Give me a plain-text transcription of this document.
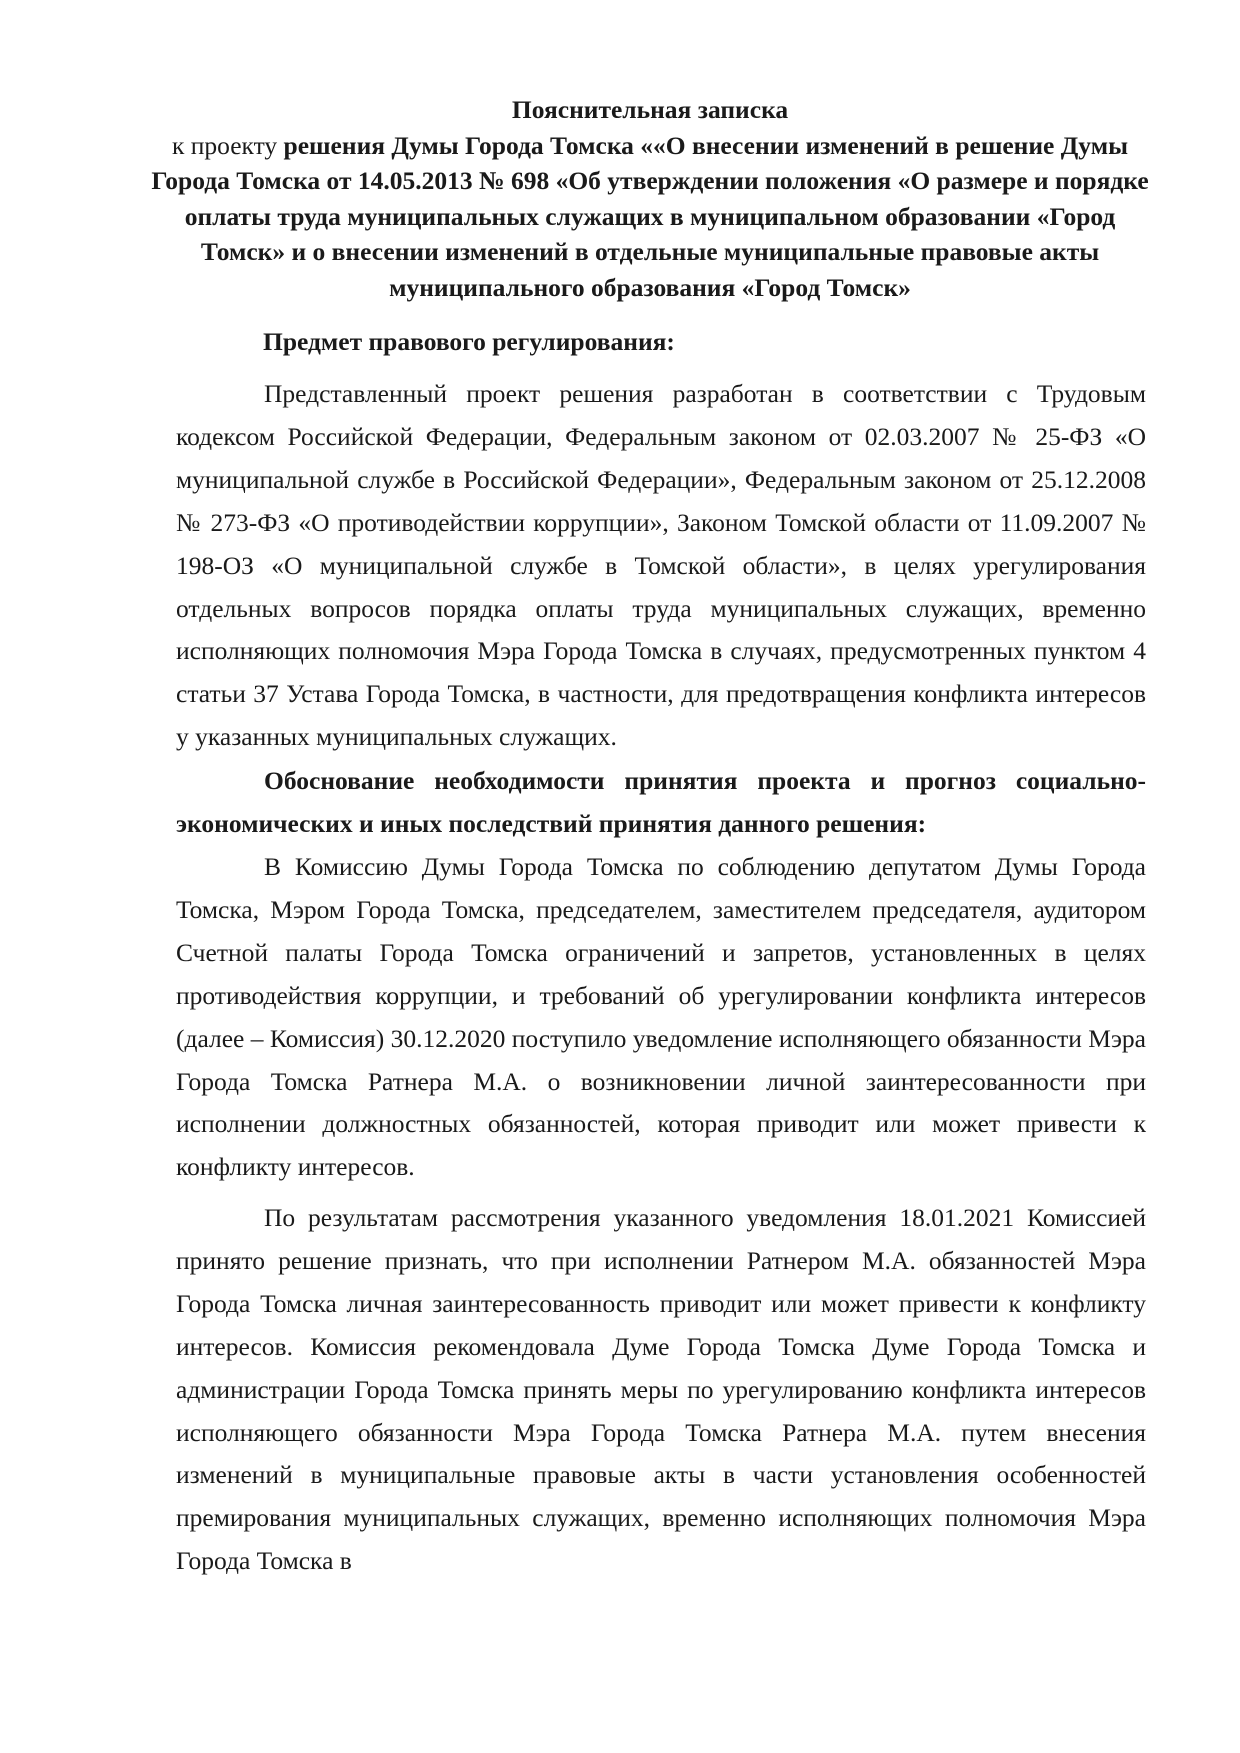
Пояснительная записка
к проекту решения Думы Города Томска ««О внесении изменений в решение Думы Города Томска от 14.05.2013 № 698 «Об утверждении положения «О размере и порядке оплаты труда муниципальных служащих в муниципальном образовании «Город Томск» и о внесении изменений в отдельные муниципальные правовые акты муниципального образования «Город Томск»
Предмет правового регулирования:

Представленный проект решения разработан в соответствии с Трудовым кодексом Российской Федерации, Федеральным законом от 02.03.2007 № 25-ФЗ «О муниципальной службе в Российской Федерации», Федеральным законом от 25.12.2008 № 273-ФЗ «О противодействии коррупции», Законом Томской области от 11.09.2007 № 198-ОЗ «О муниципальной службе в Томской области», в целях урегулирования отдельных вопросов порядка оплаты труда муниципальных служащих, временно исполняющих полномочия Мэра Города Томска в случаях, предусмотренных пунктом 4 статьи 37 Устава Города Томска, в частности, для предотвращения конфликта интересов у указанных муниципальных служащих.

Обоснование необходимости принятия проекта и прогноз социально-экономических и иных последствий принятия данного решения:

В Комиссию Думы Города Томска по соблюдению депутатом Думы Города Томска, Мэром Города Томска, председателем, заместителем председателя, аудитором Счетной палаты Города Томска ограничений и запретов, установленных в целях противодействия коррупции, и требований об урегулировании конфликта интересов (далее – Комиссия) 30.12.2020 поступило уведомление исполняющего обязанности Мэра Города Томска Ратнера М.А. о возникновении личной заинтересованности при исполнении должностных обязанностей, которая приводит или может привести к конфликту интересов.

По результатам рассмотрения указанного уведомления 18.01.2021 Комиссией принято решение признать, что при исполнении Ратнером М.А. обязанностей Мэра Города Томска личная заинтересованность приводит или может привести к конфликту интересов. Комиссия рекомендовала Думе Города Томска Думе Города Томска и администрации Города Томска принять меры по урегулированию конфликта интересов исполняющего обязанности Мэра Города Томска Ратнера М.А. путем внесения изменений в муниципальные правовые акты в части установления особенностей премирования муниципальных служащих, временно исполняющих полномочия Мэра Города Томска в
